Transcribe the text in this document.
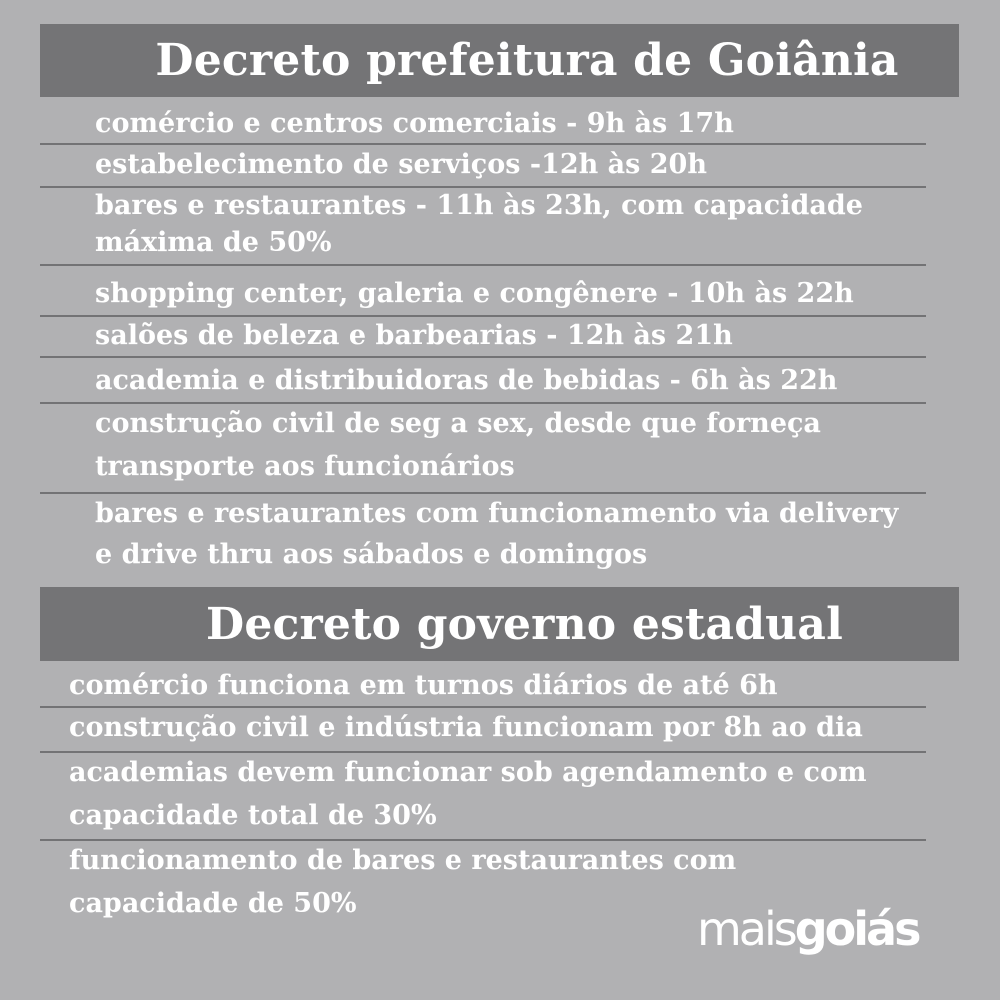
Decreto prefeitura de Goiânia

comércio e centros comerciais - 9h às 17h

estabelecimento de serviços -12h às 20h

bares e restaurantes - 11h às 23h, com capacidade

máxima de 50%

shopping center, galeria e congênere - 10h às 22h

salões de beleza e barbearias - 12h às 21h

academia e distribuidoras de bebidas - 6h às 22h

construção civil de seg a sex, desde que forneça

transporte aos funcionários

bares e restaurantes com funcionamento via delivery

e drive thru aos sábados e domingos

Decreto governo estadual

comércio funciona em turnos diários de até 6h

construção civil e indústria funcionam por 8h ao dia

academias devem funcionar sob agendamento e com

capacidade total de 30%

funcionamento de bares e restaurantes com

capacidade de 50%	maisgoiás
